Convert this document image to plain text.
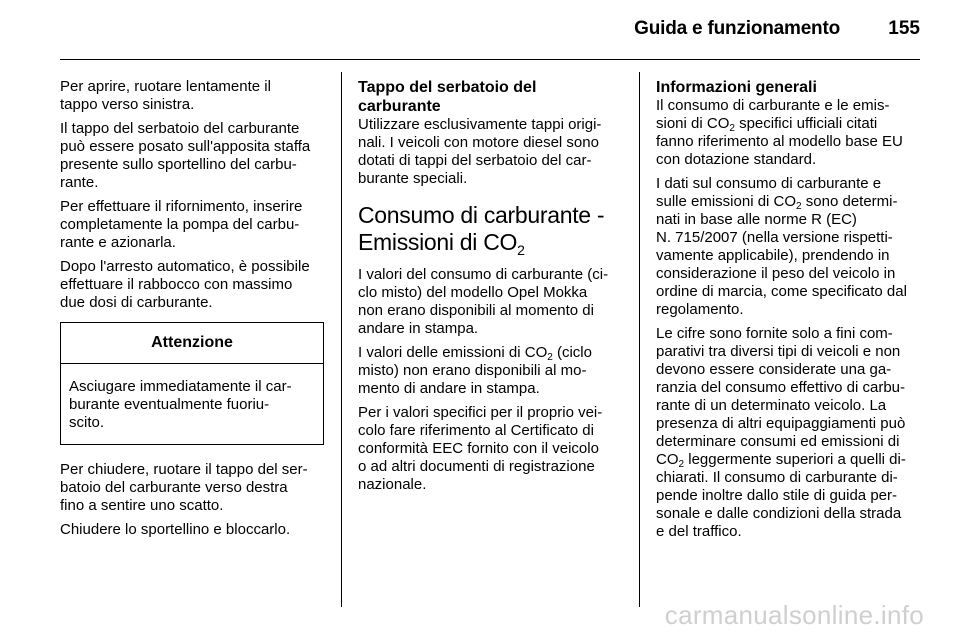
Guida e funzionamento	155

Per aprire, ruotare lentamente il
tappo verso sinistra.

Il tappo del serbatoio del carburante
può essere posato sull'apposita staffa
presente sullo sportellino del carbu-
rante.

Per effettuare il rifornimento, inserire
completamente la pompa del carbu-
rante e azionarla.

Dopo l'arresto automatico, è possibile
effettuare il rabbocco con massimo
due dosi di carburante.

Attenzione

Asciugare immediatamente il car-
burante eventualmente fuoriu-
scito.

Per chiudere, ruotare il tappo del ser-
batoio del carburante verso destra
fino a sentire uno scatto.

Chiudere lo sportellino e bloccarlo.

Tappo del serbatoio del
carburante

Utilizzare esclusivamente tappi origi-
nali. I veicoli con motore diesel sono
dotati di tappi del serbatoio del car-
burante speciali.

Consumo di carburante -
Emissioni di $CO_2$

I valori del consumo di carburante (ci-
clo misto) del modello Opel Mokka
non erano disponibili al momento di
andare in stampa.

I valori delle emissioni di $CO_2$ (ciclo
misto) non erano disponibili al mo-
mento di andare in stampa.

Per i valori specifici per il proprio vei-
colo fare riferimento al Certificato di
conformità EEC fornito con il veicolo
o ad altri documenti di registrazione
nazionale.

Informazioni generali

Il consumo di carburante e le emis-
sioni di $CO_2$ specifici ufficiali citati
fanno riferimento al modello base EU
con dotazione standard.

I dati sul consumo di carburante e
sulle emissioni di $CO_2$ sono determi-
nati in base alle norme R (EC)
N. 715/2007 (nella versione rispetti-
vamente applicabile), prendendo in
considerazione il peso del veicolo in
ordine di marcia, come specificato dal
regolamento.

Le cifre sono fornite solo a fini com-
parativi tra diversi tipi di veicoli e non
devono essere considerate una ga-
ranzia del consumo effettivo di carbu-
rante di un determinato veicolo. La
presenza di altri equipaggiamenti può
determinare consumi ed emissioni di
$CO_2$ leggermente superiori a quelli di-
chiarati. Il consumo di carburante di-
pende inoltre dallo stile di guida per-
sonale e dalle condizioni della strada
e del traffico.

carmanualsonline.info
